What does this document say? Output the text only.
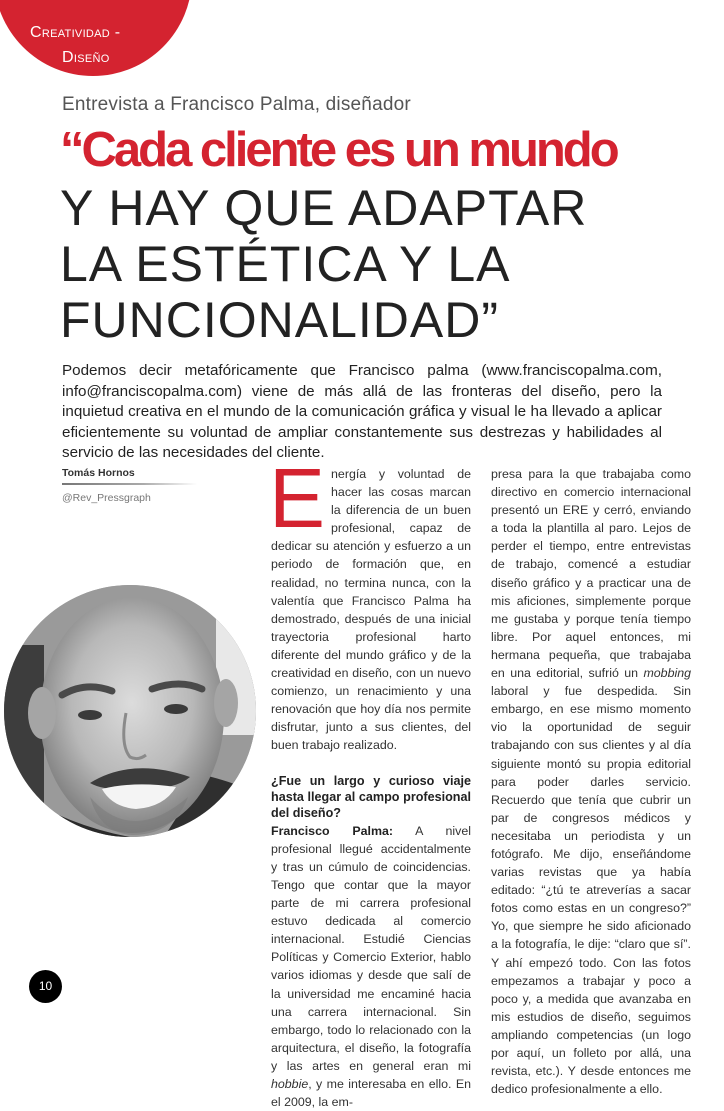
Creatividad -
Diseño
Entrevista a Francisco Palma, diseñador
“Cada cliente es un mundo
Y HAY QUE ADAPTAR
LA ESTÉTICA Y LA
FUNCIONALIDAD”
Podemos decir metafóricamente que Francisco palma (www.franciscopalma.com, info@franciscopalma.com) viene de más allá de las fronteras del diseño, pero la inquietud creativa en el mundo de la comunicación gráfica y visual le ha llevado a aplicar eficientemente su voluntad de ampliar constantemente sus destrezas y habilidades al servicio de las necesidades del cliente.
Tomás Hornos
@Rev_Pressgraph	Energía y voluntad de hacer las cosas marcan la diferencia de un buen profesional, capaz de dedicar su atención y esfuerzo a un periodo de formación que, en realidad, no termina nunca, con la valentía que Francisco Palma ha demostrado, después de una inicial trayectoria profesional harto diferente del mundo gráfico y de la creatividad en diseño, con un nuevo comienzo, un renacimiento y una renovación que hoy día nos permite disfrutar, junto a sus clientes, del buen trabajo realizado.

¿Fue un largo y curioso viaje hasta llegar al campo profesional del diseño?

Francisco Palma: A nivel profesional llegué accidentalmente y tras un cúmulo de coincidencias. Tengo que contar que la mayor parte de mi carrera profesional estuvo dedicada al comercio internacional. Estudié Ciencias Políticas y Comercio Exterior, hablo varios idiomas y desde que salí de la universidad me encaminé hacia una carrera internacional. Sin embargo, todo lo relacionado con la arquitectura, el diseño, la fotografía y las artes en general eran mi hobbie, y me interesaba en ello. En el 2009, la em-

presa para la que trabajaba como directivo en comercio internacional presentó un ERE y cerró, enviando a toda la plantilla al paro. Lejos de perder el tiempo, entre entrevistas de trabajo, comencé a estudiar diseño gráfico y a practicar una de mis aficiones, simplemente porque me gustaba y porque tenía tiempo libre. Por aquel entonces, mi hermana pequeña, que trabajaba en una editorial, sufrió un mobbing laboral y fue despedida. Sin embargo, en ese mismo momento vio la oportunidad de seguir trabajando con sus clientes y al día siguiente montó su propia editorial para poder darles servicio. Recuerdo que tenía que cubrir un par de congresos médicos y necesitaba un periodista y un fotógrafo. Me dijo, enseñándome varias revistas que ya había editado: “¿tú te atreverías a sacar fotos como estas en un congreso?” Yo, que siempre he sido aficionado a la fotografía, le dije: “claro que sí”. Y ahí empezó todo. Con las fotos empezamos a trabajar y poco a poco y, a medida que avanzaba en mis estudios de diseño, seguimos ampliando competencias (un logo por aquí, un folleto por allá, una revista, etc.). Y desde entonces me dedico profesionalmente a ello.

10
